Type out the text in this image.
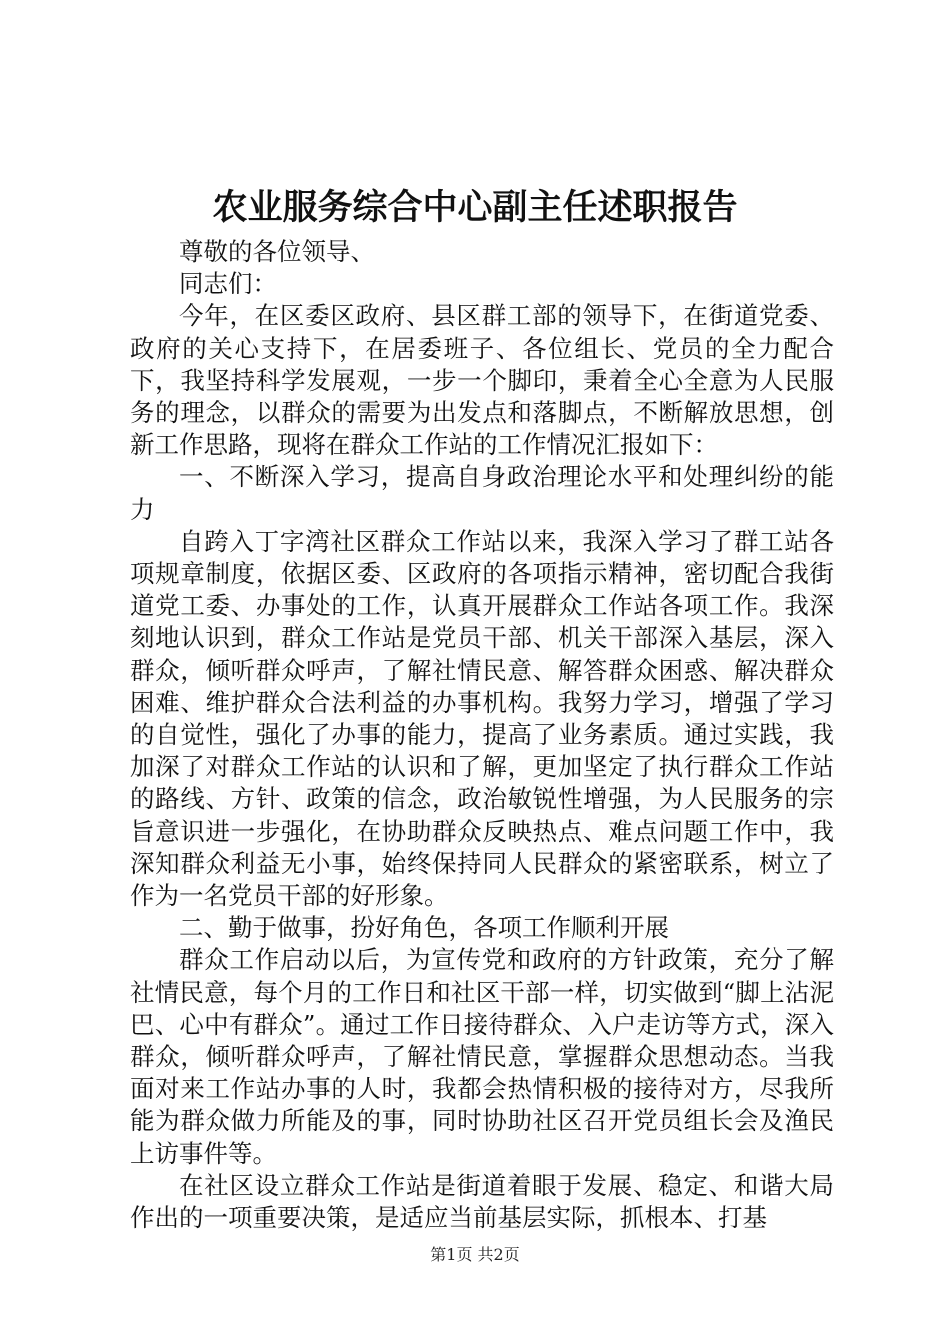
农业服务综合中心副主任述职报告

尊敬的各位领导、

同志们：

今年，在区委区政府、县区群工部的领导下，在街道党委、政府的关心支持下，在居委班子、各位组长、党员的全力配合下，我坚持科学发展观，一步一个脚印，秉着全心全意为人民服务的理念，以群众的需要为出发点和落脚点，不断解放思想，创新工作思路，现将在群众工作站的工作情况汇报如下：

一、不断深入学习，提高自身政治理论水平和处理纠纷的能力

自跨入丁字湾社区群众工作站以来，我深入学习了群工站各项规章制度，依据区委、区政府的各项指示精神，密切配合我街道党工委、办事处的工作，认真开展群众工作站各项工作。我深刻地认识到，群众工作站是党员干部、机关干部深入基层，深入群众，倾听群众呼声，了解社情民意、解答群众困惑、解决群众困难、维护群众合法利益的办事机构。我努力学习，增强了学习的自觉性，强化了办事的能力，提高了业务素质。通过实践，我加深了对群众工作站的认识和了解，更加坚定了执行群众工作站的路线、方针、政策的信念，政治敏锐性增强，为人民服务的宗旨意识进一步强化，在协助群众反映热点、难点问题工作中，我深知群众利益无小事，始终保持同人民群众的紧密联系，树立了作为一名党员干部的好形象。

二、勤于做事，扮好角色，各项工作顺利开展

群众工作启动以后，为宣传党和政府的方针政策，充分了解社情民意，每个月的工作日和社区干部一样，切实做到“脚上沾泥巴、心中有群众”。通过工作日接待群众、入户走访等方式，深入群众，倾听群众呼声，了解社情民意，掌握群众思想动态。当我面对来工作站办事的人时，我都会热情积极的接待对方，尽我所能为群众做力所能及的事，同时协助社区召开党员组长会及渔民上访事件等。

在社区设立群众工作站是街道着眼于发展、稳定、和谐大局作出的一项重要决策，是适应当前基层实际，抓根本、打基

第1页 共2页
